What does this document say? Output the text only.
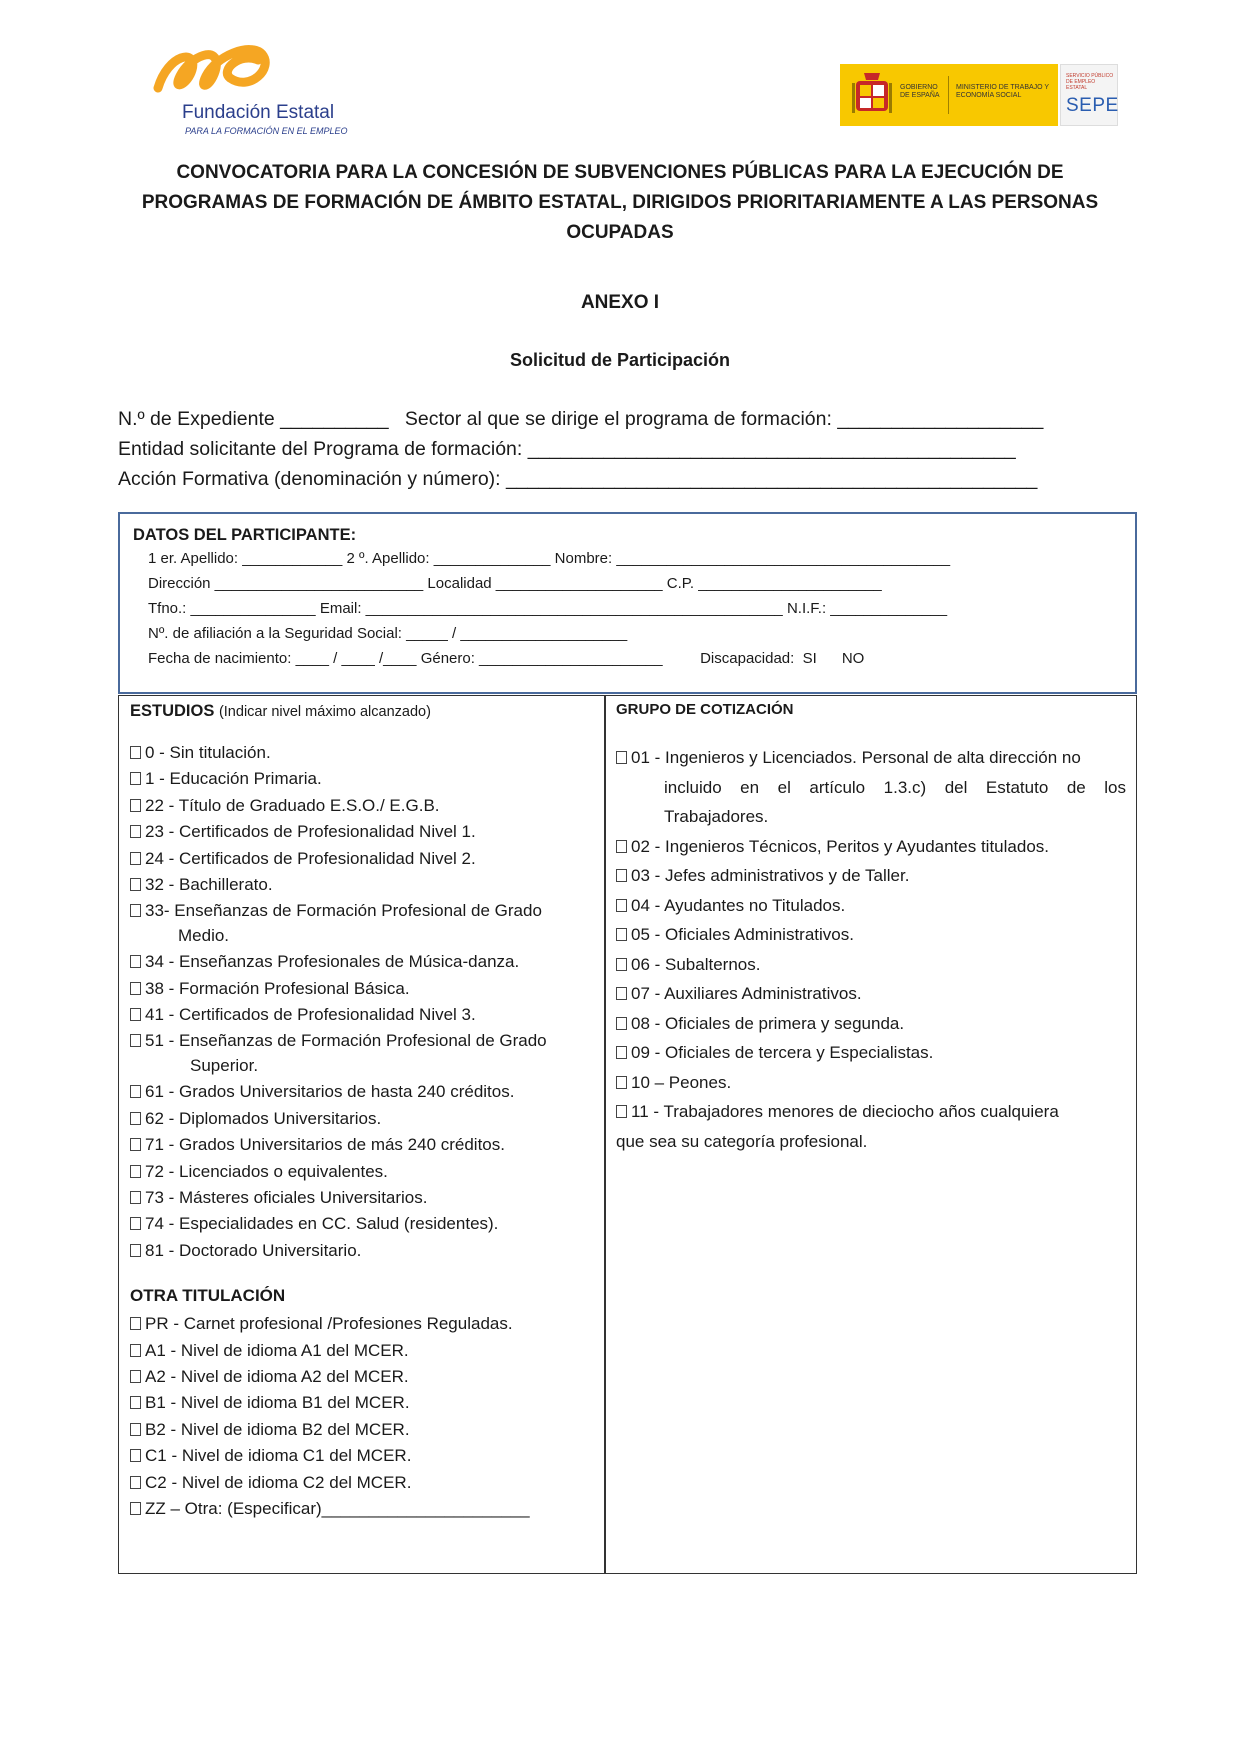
Fundación Estatal
PARA LA FORMACIÓN EN EL EMPLEO
GOBIERNO DE ESPAÑA
MINISTERIO DE TRABAJO Y ECONOMÍA SOCIAL
SERVICIO PÚBLICO DE EMPLEO ESTATAL
SEPE
CONVOCATORIA PARA LA CONCESIÓN DE SUBVENCIONES PÚBLICAS PARA LA EJECUCIÓN DE PROGRAMAS DE FORMACIÓN DE ÁMBITO ESTATAL, DIRIGIDOS PRIORITARIAMENTE A LAS PERSONAS OCUPADAS
ANEXO I
Solicitud de Participación
N.º de Expediente __________   Sector al que se dirige el programa de formación: ___________________
Entidad solicitante del Programa de formación: _____________________________________________
Acción Formativa (denominación y número): _________________________________________________
DATOS DEL PARTICIPANTE:
1 er. Apellido: ____________ 2 º. Apellido: ______________ Nombre: ________________________________________
Dirección _________________________ Localidad ____________________ C.P. ______________________
Tfno.: _______________ Email: __________________________________________________ N.I.F.: ______________
Nº. de afiliación a la Seguridad Social: _____ / ____________________
Fecha de nacimiento: ____ / ____ /____ Género: ______________________         Discapacidad:  SI      NO
ESTUDIOS (Indicar nivel máximo alcanzado)
0 - Sin titulación.
1 - Educación Primaria.
22 - Título de Graduado E.S.O./ E.G.B.
23 - Certificados de Profesionalidad Nivel 1.
24 - Certificados de Profesionalidad Nivel 2.
32 - Bachillerato.
33- Enseñanzas de Formación Profesional de Grado
Medio.
34 - Enseñanzas Profesionales de Música-danza.
38 - Formación Profesional Básica.
41 - Certificados de Profesionalidad Nivel 3.
51 - Enseñanzas de Formación Profesional de Grado
Superior.
61 - Grados Universitarios de hasta 240 créditos.
62 - Diplomados Universitarios.
71 - Grados Universitarios de más 240 créditos.
72 - Licenciados o equivalentes.
73 - Másteres oficiales Universitarios.
74 - Especialidades en CC. Salud (residentes).
81 - Doctorado Universitario.
OTRA TITULACIÓN
PR - Carnet profesional /Profesiones Reguladas.
A1 - Nivel de idioma A1 del MCER.
A2 - Nivel de idioma A2 del MCER.
B1 - Nivel de idioma B1 del MCER.
B2 - Nivel de idioma B2 del MCER.
C1 - Nivel de idioma C1 del MCER.
C2 - Nivel de idioma C2 del MCER.
ZZ – Otra: (Especificar)______________________
GRUPO DE COTIZACIÓN
01 - Ingenieros y Licenciados. Personal de alta dirección no
incluido en el artículo 1.3.c) del Estatuto de los
Trabajadores.
02 - Ingenieros Técnicos, Peritos y Ayudantes titulados.
03 - Jefes administrativos y de Taller.
04 - Ayudantes no Titulados.
05 - Oficiales Administrativos.
06 - Subalternos.
07 - Auxiliares Administrativos.
08 - Oficiales de primera y segunda.
09 - Oficiales de tercera y Especialistas.
10 – Peones.
11 - Trabajadores menores de dieciocho años cualquiera
que sea su categoría profesional.
